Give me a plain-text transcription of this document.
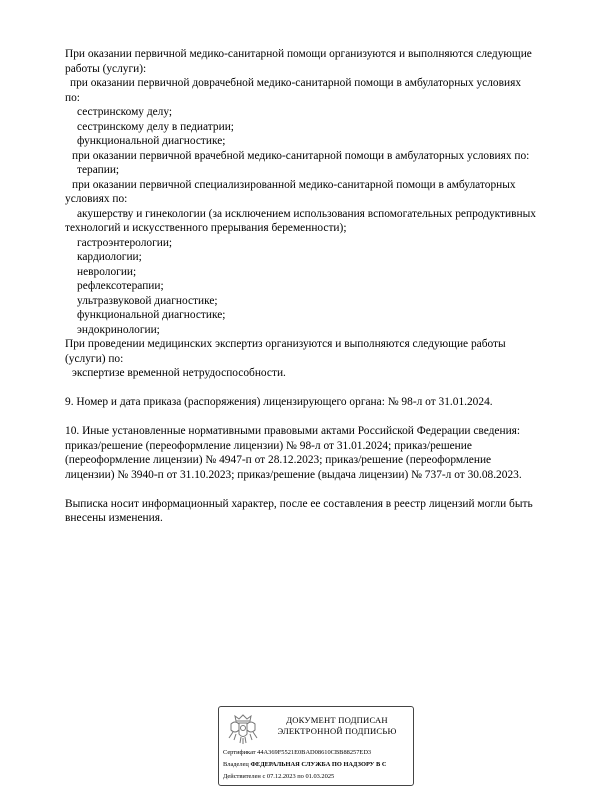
При оказании первичной медико-санитарной помощи организуются и выполняются следующие
работы (услуги):
при оказании первичной доврачебной медико-санитарной помощи в амбулаторных условиях
по:
сестринскому делу;
сестринскому делу в педиатрии;
функциональной диагностике;
при оказании первичной врачебной медико-санитарной помощи в амбулаторных условиях по:
терапии;
при оказании первичной специализированной медико-санитарной помощи в амбулаторных
условиях по:
акушерству и гинекологии (за исключением использования вспомогательных репродуктивных
технологий и искусственного прерывания беременности);
гастроэнтерологии;
кардиологии;
неврологии;
рефлексотерапии;
ультразвуковой диагностике;
функциональной диагностике;
эндокринологии;
При проведении медицинских экспертиз организуются и выполняются следующие работы
(услуги) по:
экспертизе временной нетрудоспособности.
9. Номер и дата приказа (распоряжения) лицензирующего органа: № 98-л от 31.01.2024.
10. Иные установленные нормативными правовыми актами Российской Федерации сведения:
приказ/решение (переоформление лицензии) № 98-л от 31.01.2024; приказ/решение
(переоформление лицензии) № 4947-п от 28.12.2023; приказ/решение (переоформление
лицензии) № 3940-п от 31.10.2023; приказ/решение (выдача лицензии) № 737-л от 30.08.2023.
Выписка носит информационный характер, после ее составления в реестр лицензий могли быть
внесены изменения.
ДОКУМЕНТ ПОДПИСАН
ЭЛЕКТРОННОЙ ПОДПИСЬЮ
Сертификат 44A369F5521E0BAD08610CBB88257ED3
Владелец ФЕДЕРАЛЬНАЯ СЛУЖБА ПО НАДЗОРУ В С
Действителен с 07.12.2023 по 01.03.2025
